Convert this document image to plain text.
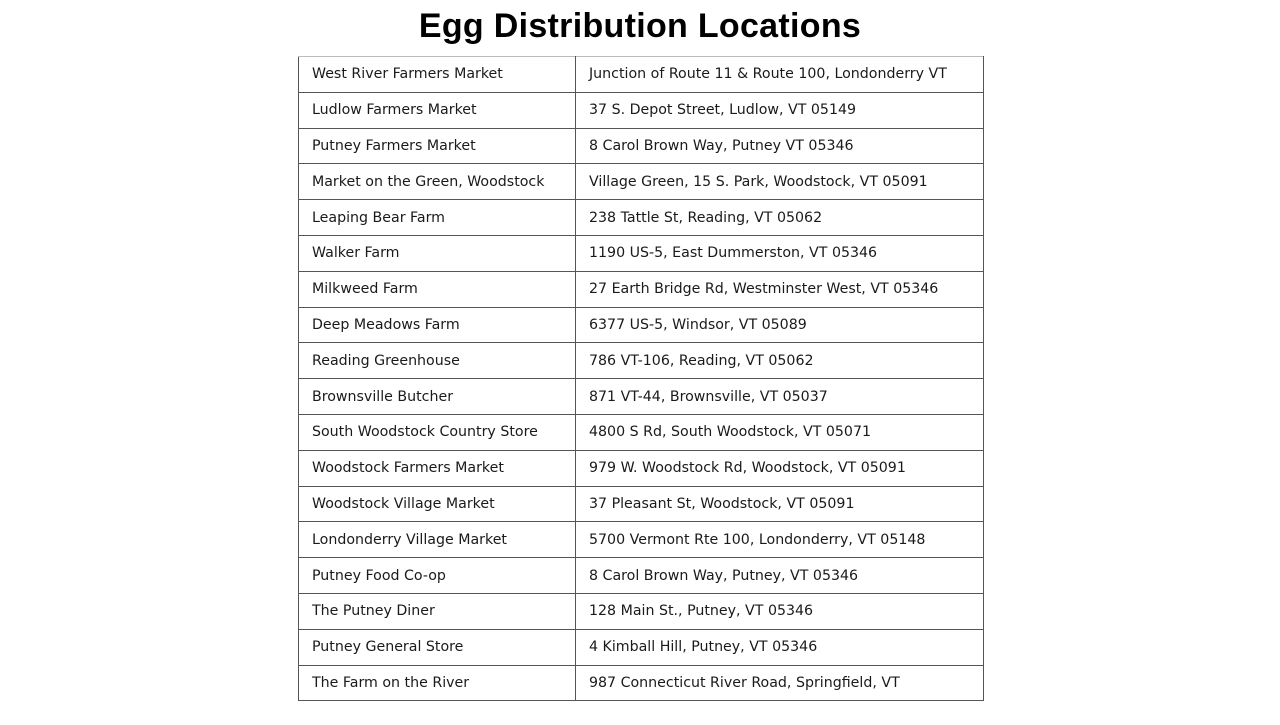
Egg Distribution Locations
West River Farmers Market	Junction of Route 11 & Route 100, Londonderry VT
Ludlow Farmers Market	37 S. Depot Street, Ludlow, VT 05149
Putney Farmers Market	8 Carol Brown Way, Putney VT 05346
Market on the Green, Woodstock	Village Green, 15 S. Park, Woodstock, VT 05091
Leaping Bear Farm	238 Tattle St, Reading, VT 05062
Walker Farm	1190 US-5, East Dummerston, VT 05346
Milkweed Farm	27 Earth Bridge Rd, Westminster West, VT 05346
Deep Meadows Farm	6377 US-5, Windsor, VT 05089
Reading Greenhouse	786 VT-106, Reading, VT 05062
Brownsville Butcher	871 VT-44, Brownsville, VT 05037
South Woodstock Country Store	4800 S Rd, South Woodstock, VT 05071
Woodstock Farmers Market	979 W. Woodstock Rd, Woodstock, VT 05091
Woodstock Village Market	37 Pleasant St, Woodstock, VT 05091
Londonderry Village Market	5700 Vermont Rte 100, Londonderry, VT 05148
Putney Food Co-op	8 Carol Brown Way, Putney, VT 05346
The Putney Diner	128 Main St., Putney, VT 05346
Putney General Store	4 Kimball Hill, Putney, VT 05346
The Farm on the River	987 Connecticut River Road, Springfield, VT
